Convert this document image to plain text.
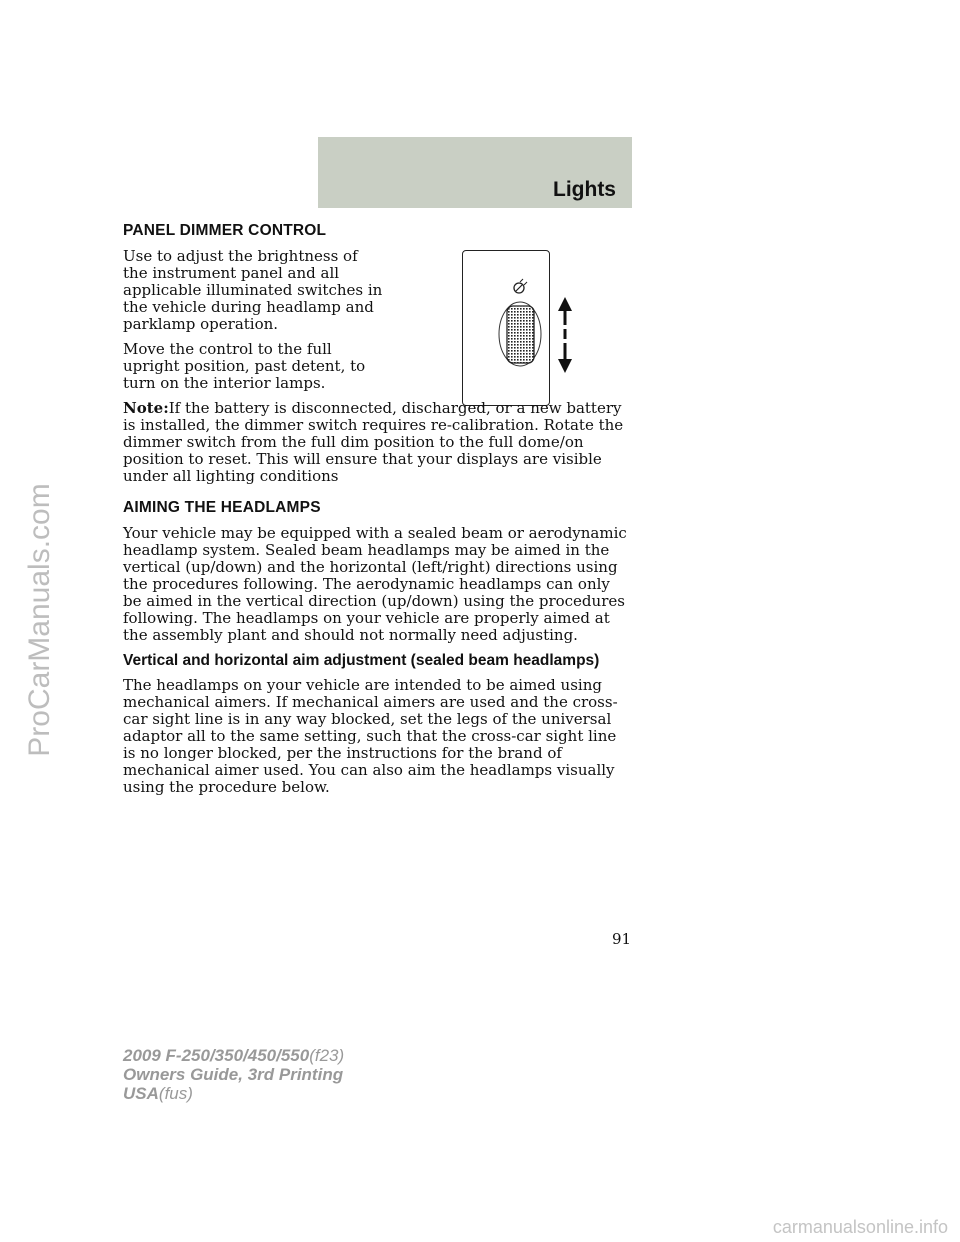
Lights
PANEL DIMMER CONTROL

Use to adjust the brightness of the instrument panel and all applicable illuminated switches in the vehicle during headlamp and parklamp operation.

Move the control to the full upright position, past detent, to turn on the interior lamps.

Note:If the battery is disconnected, discharged, or a new battery is installed, the dimmer switch requires re-calibration. Rotate the dimmer switch from the full dim position to the full dome/on position to reset. This will ensure that your displays are visible under all lighting conditions

AIMING THE HEADLAMPS

Your vehicle may be equipped with a sealed beam or aerodynamic headlamp system. Sealed beam headlamps may be aimed in the vertical (up/down) and the horizontal (left/right) directions using the procedures following. The aerodynamic headlamps can only be aimed in the vertical direction (up/down) using the procedures following. The headlamps on your vehicle are properly aimed at the assembly plant and should not normally need adjusting.

Vertical and horizontal aim adjustment (sealed beam headlamps)

The headlamps on your vehicle are intended to be aimed using mechanical aimers. If mechanical aimers are used and the cross-car sight line is in any way blocked, set the legs of the universal adaptor all to the same setting, such that the cross-car sight line is no longer blocked, per the instructions for the brand of mechanical aimer used. You can also aim the headlamps visually using the procedure below.

91
2009 F-250/350/450/550(f23)
Owners Guide, 3rd Printing
USA(fus)
ProCarManuals.com
carmanualsonline.info
